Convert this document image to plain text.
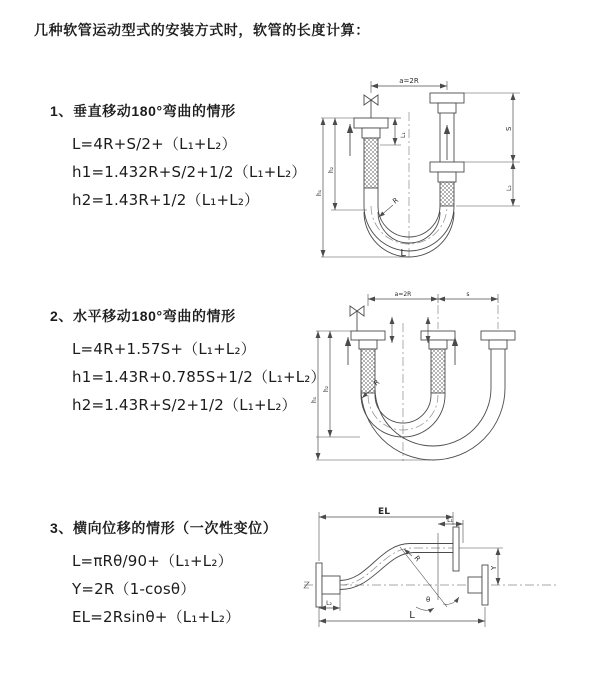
几种软管运动型式的安装方式时，软管的长度计算：
1、垂直移动180°弯曲的情形
L=4R+S/2+（L₁+L₂）
h1=1.432R+S/2+1/2（L₁+L₂）
h2=1.43R+1/2（L₁+L₂）
2、水平移动180°弯曲的情形
L=4R+1.57S+（L₁+L₂）
h1=1.43R+0.785S+1/2（L₁+L₂）
h2=1.43R+S/2+1/2（L₁+L₂）
3、横向位移的情形（一次性变位）
L=πRθ/90+（L₁+L₂）
Y=2R（1-cosθ）
EL=2Rsinθ+（L₁+L₂）
a=2R
L₁
h₁
h₂
S
L₂
R
L
a=2R	s
h₁
h₂
R
θ
R
EL
L₁
Y
L₂
L
